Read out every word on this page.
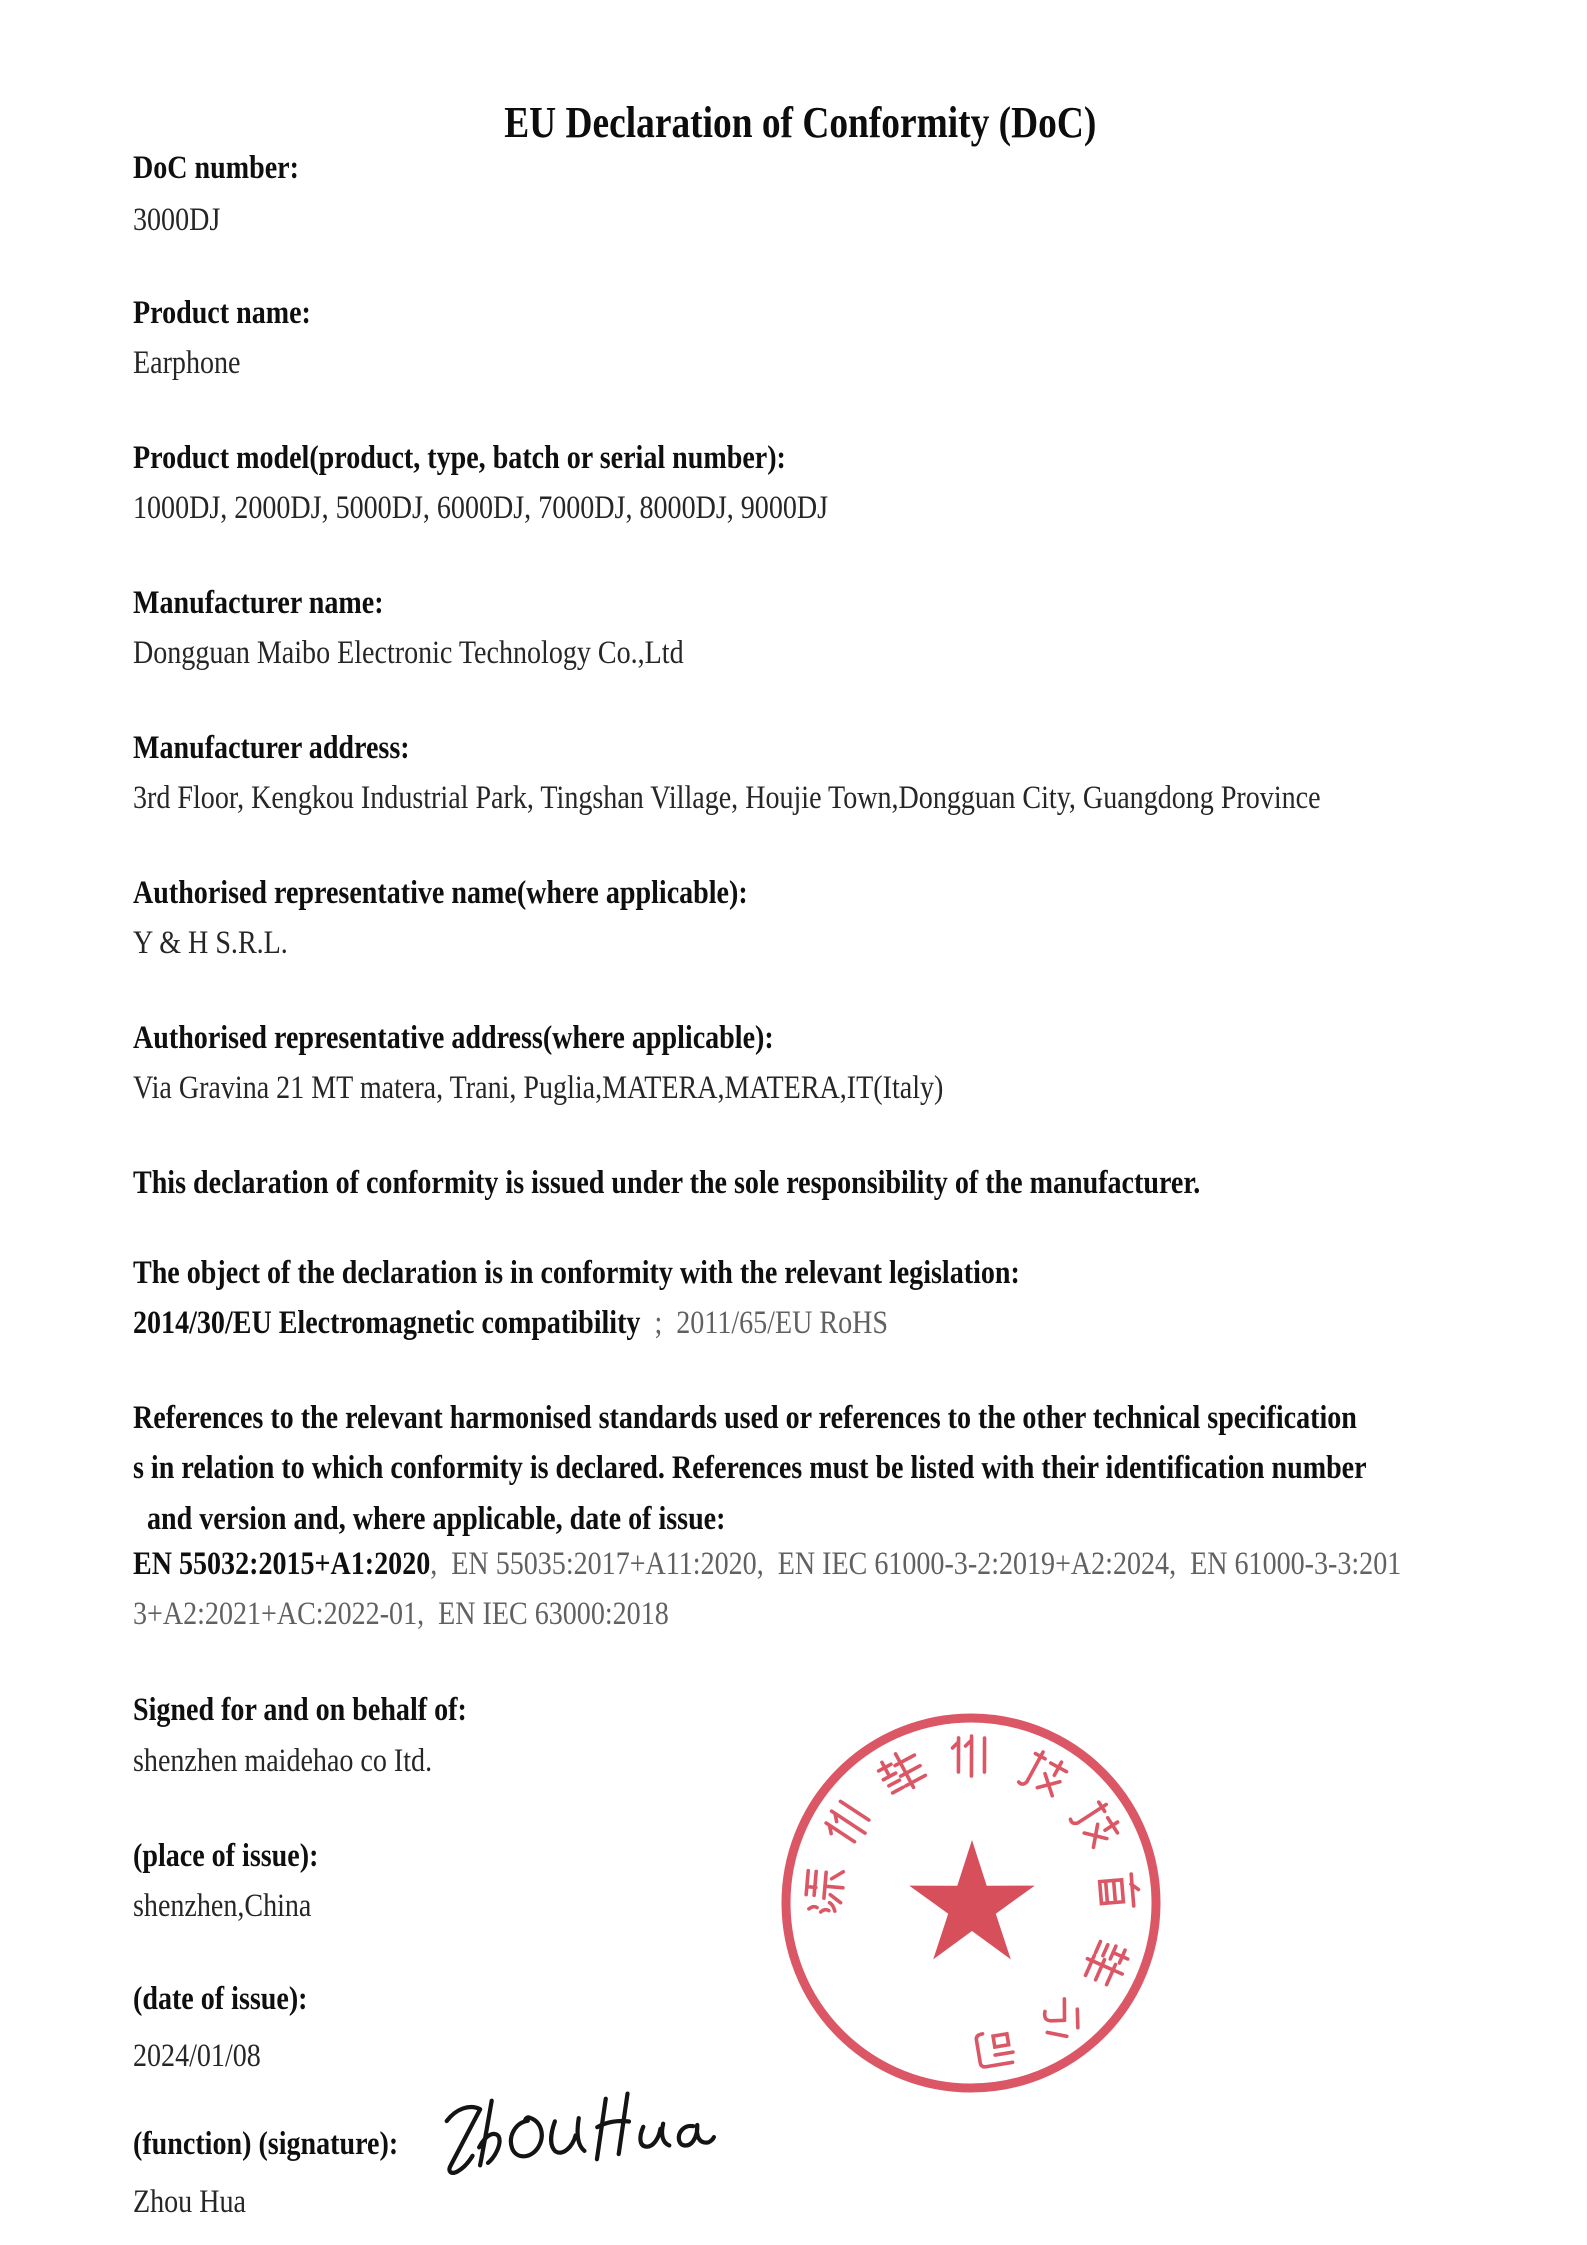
EU Declaration of Conformity (DoC)
DoC number:
3000DJ
Product name:
Earphone
Product model(product, type, batch or serial number):
1000DJ, 2000DJ, 5000DJ, 6000DJ, 7000DJ, 8000DJ, 9000DJ
Manufacturer name:
Dongguan Maibo Electronic Technology Co.,Ltd
Manufacturer address:
3rd Floor, Kengkou Industrial Park, Tingshan Village, Houjie Town,Dongguan City, Guangdong Province
Authorised representative name(where applicable):
Y & H S.R.L.
Authorised representative address(where applicable):
Via Gravina 21 MT matera, Trani, Puglia,MATERA,MATERA,IT(Italy)
This declaration of conformity is issued under the sole responsibility of the manufacturer.
The object of the declaration is in conformity with the relevant legislation:
2014/30/EU Electromagnetic compatibility ; 2011/65/EU RoHS
References to the relevant harmonised standards used or references to the other technical specification
s in relation to which conformity is declared. References must be listed with their identification number
 and version and, where applicable, date of issue:
EN 55032:2015+A1:2020, EN 55035:2017+A11:2020, EN IEC 61000-3-2:2019+A2:2024, EN 61000-3-3:201
3+A2:2021+AC:2022-01, EN IEC 63000:2018
Signed for and on behalf of:
shenzhen maidehao co Itd.
(place of issue):
shenzhen,China
(date of issue):
2024/01/08
(function) (signature):
Zhou Hua
